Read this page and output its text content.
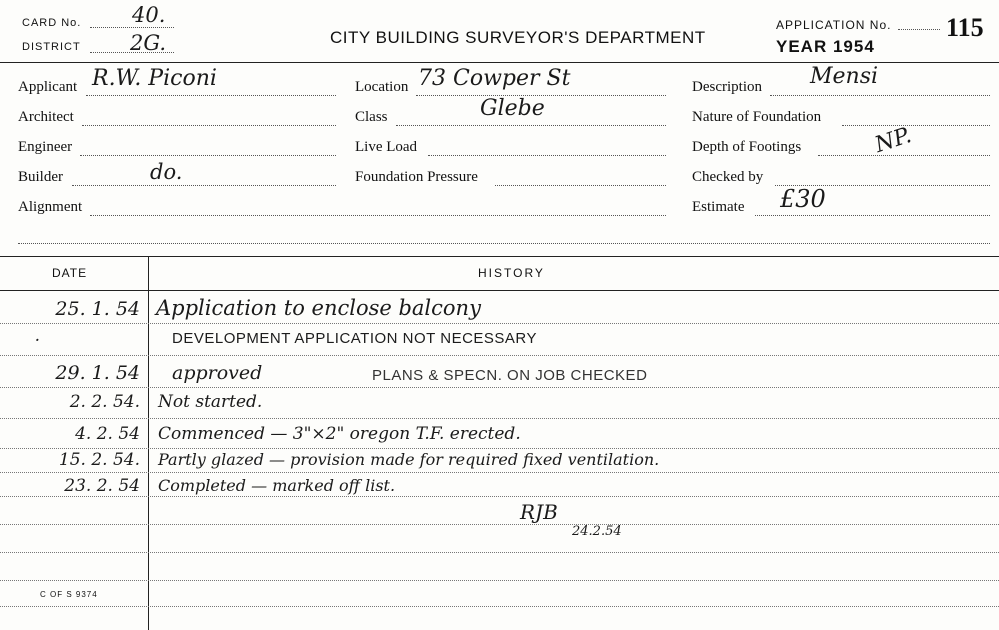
CARD No. 40.
DISTRICT 2G.	CITY BUILDING SURVEYOR'S DEPARTMENT
APPLICATION No. 115
YEAR 1954
Applicant R.W. Piconi
Architect
Engineer
Builder	do.
Alignment
Location 73 Cowper St
Class	Glebe
Live Load
Foundation Pressure
Description Mensi
Nature of Foundation
Depth of Footings	NP.
Checked by
Estimate £30
DATE	HISTORY
25. 1. 54 Application to enclose balcony
.	DEVELOPMENT APPLICATION NOT NECESSARY
29. 1. 54 approved	PLANS & SPECN. ON JOB CHECKED
2. 2. 54. Not started.
4. 2. 54 Commenced — 3"×2" oregon T.F. erected.
15. 2. 54. Partly glazed — provision made for required fixed ventilation.
23. 2. 54 Completed — marked off list.
RJB
24.2.54
C OF S 9374
